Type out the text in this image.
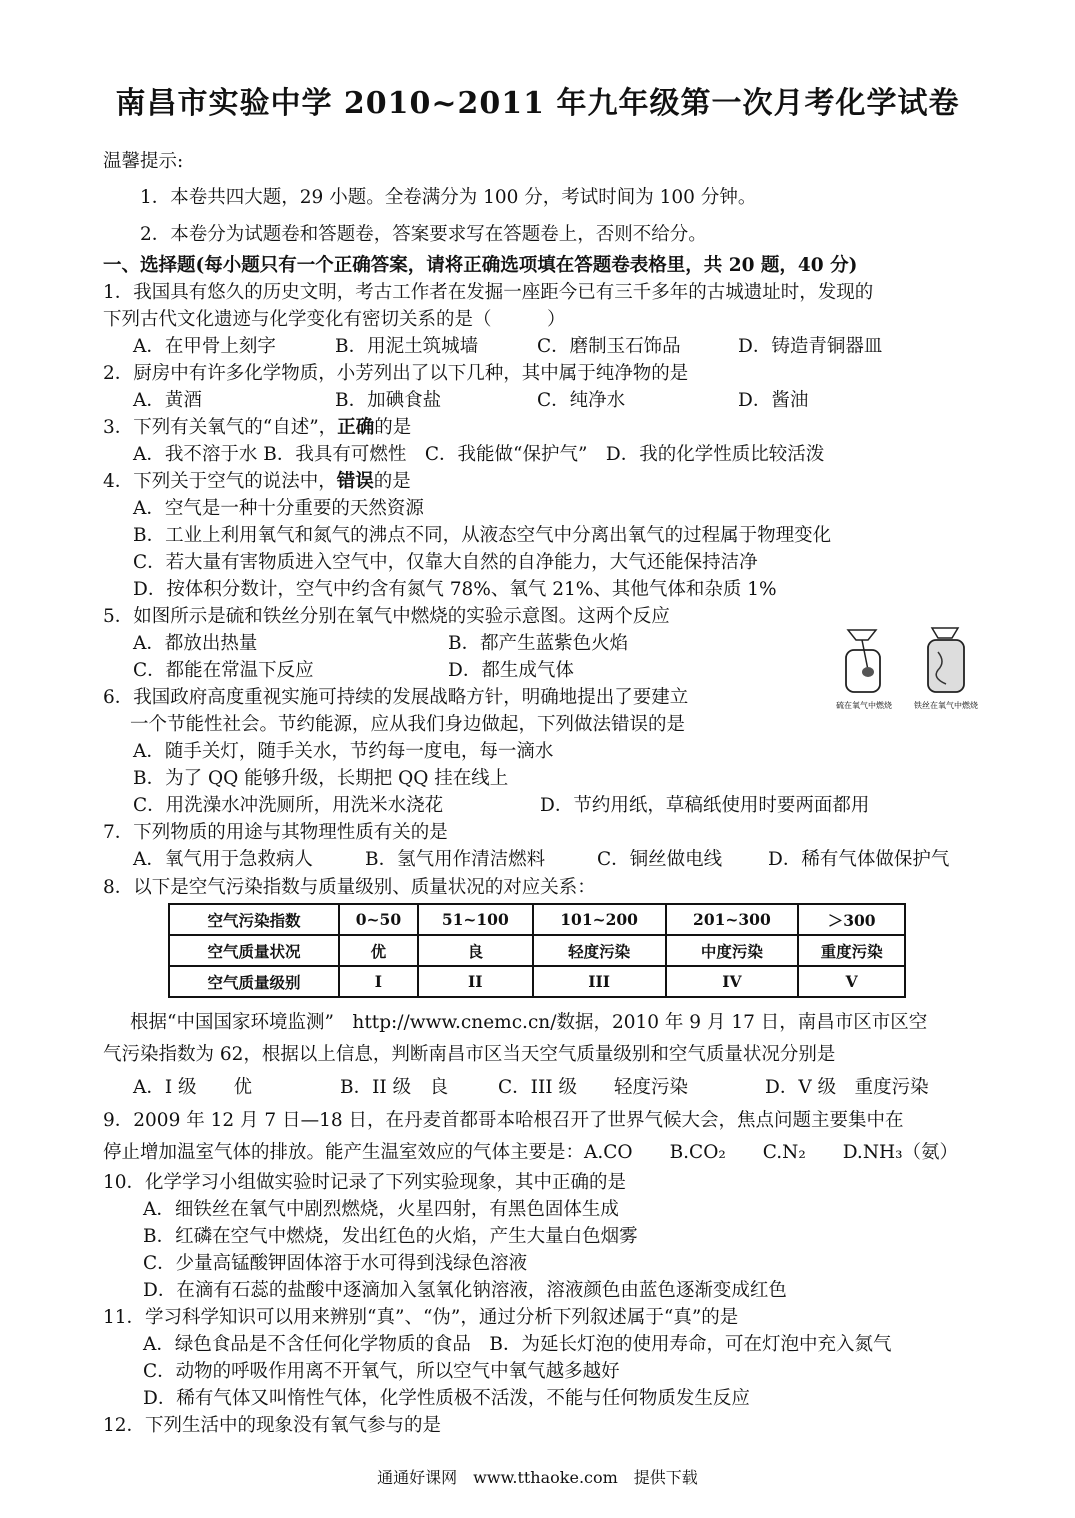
南昌市实验中学 2010~2011 年九年级第一次月考化学试卷
温馨提示:
1．本卷共四大题，29 小题。全卷满分为 100 分，考试时间为 100 分钟。
2．本卷分为试题卷和答题卷，答案要求写在答题卷上，否则不给分。
一、选择题(每小题只有一个正确答案，请将正确选项填在答题卷表格里，共 20 题，40 分)
1．我国具有悠久的历史文明，考古工作者在发掘一座距今已有三千多年的古城遗址时，发现的
下列古代文化遗迹与化学变化有密切关系的是（　　　）
A．在甲骨上刻字	B．用泥土筑城墙	C．磨制玉石饰品	D．铸造青铜器皿
2．厨房中有许多化学物质，小芳列出了以下几种，其中属于纯净物的是
A．黄酒	B．加碘食盐	C．纯净水	D．酱油
3．下列有关氧气的“自述”，正确的是
A．我不溶于水 B．我具有可燃性　C．我能做“保护气”　D．我的化学性质比较活泼
4．下列关于空气的说法中，错误的是
A．空气是一种十分重要的天然资源
B．工业上利用氧气和氮气的沸点不同，从液态空气中分离出氧气的过程属于物理变化
C．若大量有害物质进入空气中，仅靠大自然的自净能力，大气还能保持洁净
D．按体积分数计，空气中约含有氮气 78%、氧气 21%、其他气体和杂质 1%
5．如图所示是硫和铁丝分别在氧气中燃烧的实验示意图。这两个反应
A．都放出热量	B．都产生蓝紫色火焰
C．都能在常温下反应	D．都生成气体
硫在氧气中燃烧	铁丝在氧气中燃烧
6．我国政府高度重视实施可持续的发展战略方针，明确地提出了要建立
一个节能性社会。节约能源，应从我们身边做起，下列做法错误的是
A．随手关灯，随手关水，节约每一度电，每一滴水
B．为了 QQ 能够升级，长期把 QQ 挂在线上
C．用洗澡水冲洗厕所，用洗米水浇花	D．节约用纸，草稿纸使用时要两面都用
7．下列物质的用途与其物理性质有关的是
A．氧气用于急救病人	B．氢气用作清洁燃料	C．铜丝做电线 D．稀有气体做保护气
8．以下是空气污染指数与质量级别、质量状况的对应关系：
空气污染指数	0~50	51~100	101~200	201~300	＞300
空气质量状况	优	良	轻度污染	中度污染	重度污染
空气质量级别	I	II	III	IV	V
根据“中国国家环境监测”　http://www.cnemc.cn/数据，2010 年 9 月 17 日，南昌市区市区空
气污染指数为 62，根据以上信息，判断南昌市区当天空气质量级别和空气质量状况分别是
A．I 级　　优	B．II 级　良	C．III 级　　轻度污染	D．V 级　重度污染
9．2009 年 12 月 7 日—18 日，在丹麦首都哥本哈根召开了世界气候大会，焦点问题主要集中在
停止增加温室气体的排放。能产生温室效应的气体主要是：A.CO　　B.CO₂　　C.N₂　　D.NH₃（氨）
10．化学学习小组做实验时记录了下列实验现象，其中正确的是
A．细铁丝在氧气中剧烈燃烧，火星四射，有黑色固体生成
B．红磷在空气中燃烧，发出红色的火焰，产生大量白色烟雾
C．少量高锰酸钾固体溶于水可得到浅绿色溶液
D．在滴有石蕊的盐酸中逐滴加入氢氧化钠溶液，溶液颜色由蓝色逐渐变成红色
11．学习科学知识可以用来辨别“真”、“伪”，通过分析下列叙述属于“真”的是
A．绿色食品是不含任何化学物质的食品　B．为延长灯泡的使用寿命，可在灯泡中充入氮气
C．动物的呼吸作用离不开氧气，所以空气中氧气越多越好
D．稀有气体又叫惰性气体，化学性质极不活泼，不能与任何物质发生反应
12．下列生活中的现象没有氧气参与的是
通通好课网　www.tthaoke.com　提供下载
